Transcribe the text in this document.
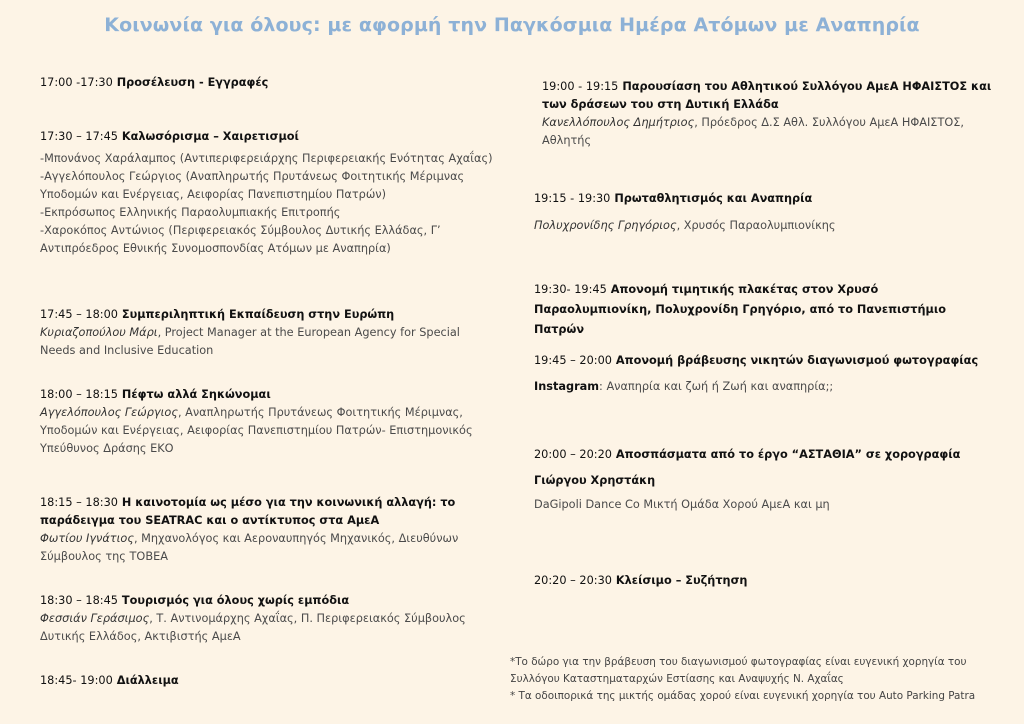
Κοινωνία για όλους: με αφορμή την Παγκόσμια Ημέρα Ατόμων με Αναπηρία
17:00 -17:30 Προσέλευση - Εγγραφές
17:30 – 17:45 Καλωσόρισμα – Χαιρετισμοί
-Μπονάνος Χαράλαμπος (Αντιπεριφερειάρχης Περιφερειακής Ενότητας Αχαΐας)
-Αγγελόπουλος Γεώργιος (Αναπληρωτής Πρυτάνεως Φοιτητικής Μέριμνας Υποδομών και Ενέργειας, Αειφορίας Πανεπιστημίου Πατρών)
-Εκπρόσωπος Ελληνικής Παραολυμπιακής Επιτροπής
-Χαροκόπος Αντώνιος (Περιφερειακός Σύμβουλος Δυτικής Ελλάδας, Γ’ Αντιπρόεδρος Εθνικής Συνομοσπονδίας Ατόμων με Αναπηρία)
17:45 – 18:00 Συμπεριληπτική Εκπαίδευση στην Ευρώπη
Κυριαζοπούλου Μάρι, Project Manager at the European Agency for Special Needs and Inclusive Education
18:00 – 18:15 Πέφτω αλλά Σηκώνομαι
Αγγελόπουλος Γεώργιος, Αναπληρωτής Πρυτάνεως Φοιτητικής Μέριμνας, Υποδομών και Ενέργειας, Αειφορίας Πανεπιστημίου Πατρών- Επιστημονικός Υπεύθυνος Δράσης ΕΚΟ
18:15 – 18:30 Η καινοτομία ως μέσο για την κοινωνική αλλαγή: το παράδειγμα του SEATRAC και ο αντίκτυπος στα ΑμεΑ
Φωτίου Ιγνάτιος, Μηχανολόγος και Αεροναυπηγός Μηχανικός, Διευθύνων Σύμβουλος της ΤΟΒΕΑ
18:30 – 18:45 Τουρισμός για όλους χωρίς εμπόδια
Φεσσιάν Γεράσιμος, Τ. Αντινομάρχης Αχαΐας, Π. Περιφερειακός Σύμβουλος Δυτικής Ελλάδος, Ακτιβιστής ΑμεΑ
18:45- 19:00 Διάλλειμα
19:00 - 19:15 Παρουσίαση του Αθλητικού Συλλόγου ΑμεΑ ΗΦΑΙΣΤΟΣ και των δράσεων του στη Δυτική Ελλάδα
Κανελλόπουλος Δημήτριος, Πρόεδρος Δ.Σ Αθλ. Συλλόγου ΑμεΑ ΗΦΑΙΣΤΟΣ, Αθλητής
19:15 - 19:30 Πρωταθλητισμός και Αναπηρία
Πολυχρονίδης Γρηγόριος, Χρυσός Παραολυμπιονίκης
19:30- 19:45 Απονομή τιμητικής πλακέτας στον Χρυσό Παραολυμπιονίκη, Πολυχρονίδη Γρηγόριο, από το Πανεπιστήμιο Πατρών
19:45 – 20:00 Απονομή βράβευσης νικητών διαγωνισμού φωτογραφίας
Instagram: Αναπηρία και ζωή ή Ζωή και αναπηρία;;
20:00 – 20:20 Αποσπάσματα από το έργο “ΑΣΤΑΘΙΑ” σε χορογραφία Γιώργου Χρηστάκη
DaGipoli Dance Co Μικτή Ομάδα Χορού ΑμεΑ και μη
20:20 – 20:30 Κλείσιμο – Συζήτηση
*Το δώρο για την βράβευση του διαγωνισμού φωτογραφίας είναι ευγενική χορηγία του Συλλόγου Καταστηματαρχών Εστίασης και Αναψυχής Ν. Αχαΐας
* Τα οδοιπορικά της μικτής ομάδας χορού είναι ευγενική χορηγία του Auto Parking Patra
